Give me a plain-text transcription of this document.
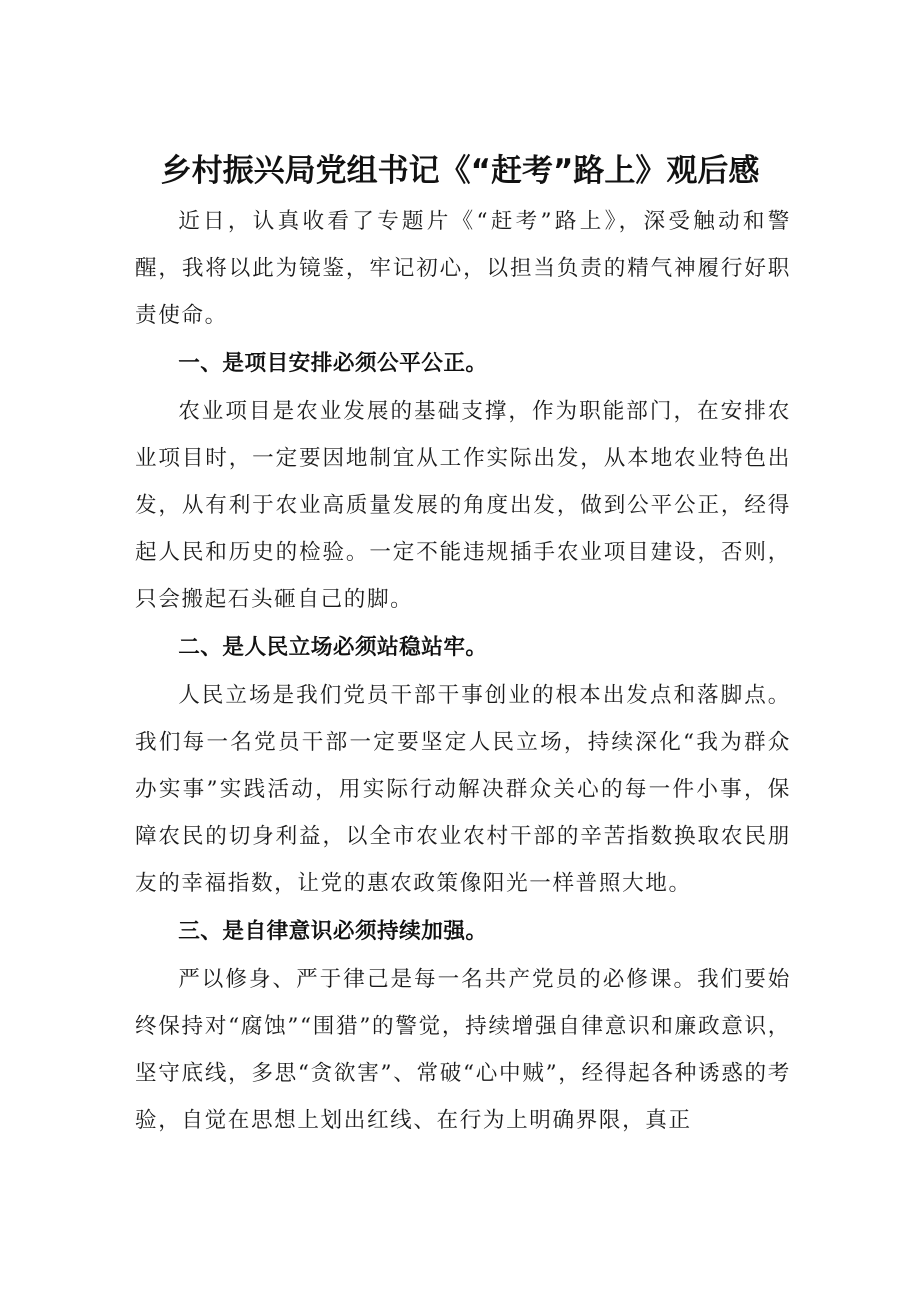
乡村振兴局党组书记《“赶考”路上》观后感

近日，认真收看了专题片《“赶考”路上》，深受触动和警醒，我将以此为镜鉴，牢记初心，以担当负责的精气神履行好职责使命。

一、是项目安排必须公平公正。

农业项目是农业发展的基础支撑，作为职能部门，在安排农业项目时，一定要因地制宜从工作实际出发，从本地农业特色出发，从有利于农业高质量发展的角度出发，做到公平公正，经得起人民和历史的检验。一定不能违规插手农业项目建设，否则，只会搬起石头砸自己的脚。

二、是人民立场必须站稳站牢。

人民立场是我们党员干部干事创业的根本出发点和落脚点。我们每一名党员干部一定要坚定人民立场，持续深化“我为群众办实事”实践活动，用实际行动解决群众关心的每一件小事，保障农民的切身利益，以全市农业农村干部的辛苦指数换取农民朋友的幸福指数，让党的惠农政策像阳光一样普照大地。

三、是自律意识必须持续加强。

严以修身、严于律己是每一名共产党员的必修课。我们要始终保持对“腐蚀”“围猎”的警觉，持续增强自律意识和廉政意识，坚守底线，多思“贪欲害”、常破“心中贼”，经得起各种诱惑的考验，自觉在思想上划出红线、在行为上明确界限，真正
